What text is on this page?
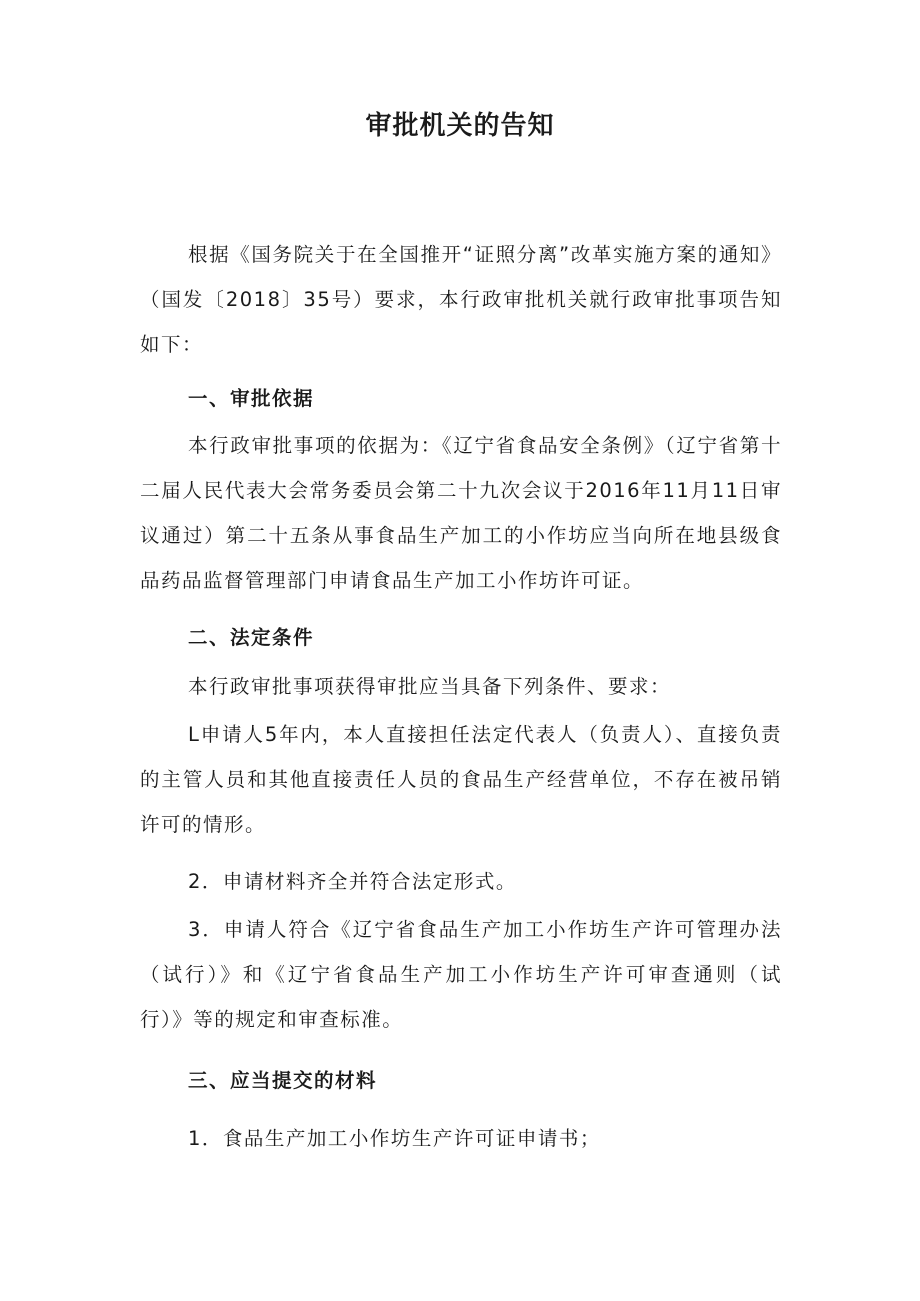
审批机关的告知
根据《国务院关于在全国推开“证照分离”改革实施方案的通知》（国发〔2018〕35号）要求，本行政审批机关就行政审批事项告知如下：
一、审批依据
本行政审批事项的依据为：《辽宁省食品安全条例》（辽宁省第十二届人民代表大会常务委员会第二十九次会议于2016年11月11日审议通过）第二十五条从事食品生产加工的小作坊应当向所在地县级食品药品监督管理部门申请食品生产加工小作坊许可证。
二、法定条件
本行政审批事项获得审批应当具备下列条件、要求：
L申请人5年内，本人直接担任法定代表人（负责人）、直接负责的主管人员和其他直接责任人员的食品生产经营单位，不存在被吊销许可的情形。
2．申请材料齐全并符合法定形式。
3．申请人符合《辽宁省食品生产加工小作坊生产许可管理办法（试行）》和《辽宁省食品生产加工小作坊生产许可审查通则（试行）》等的规定和审查标准。
三、应当提交的材料
1．食品生产加工小作坊生产许可证申请书；
